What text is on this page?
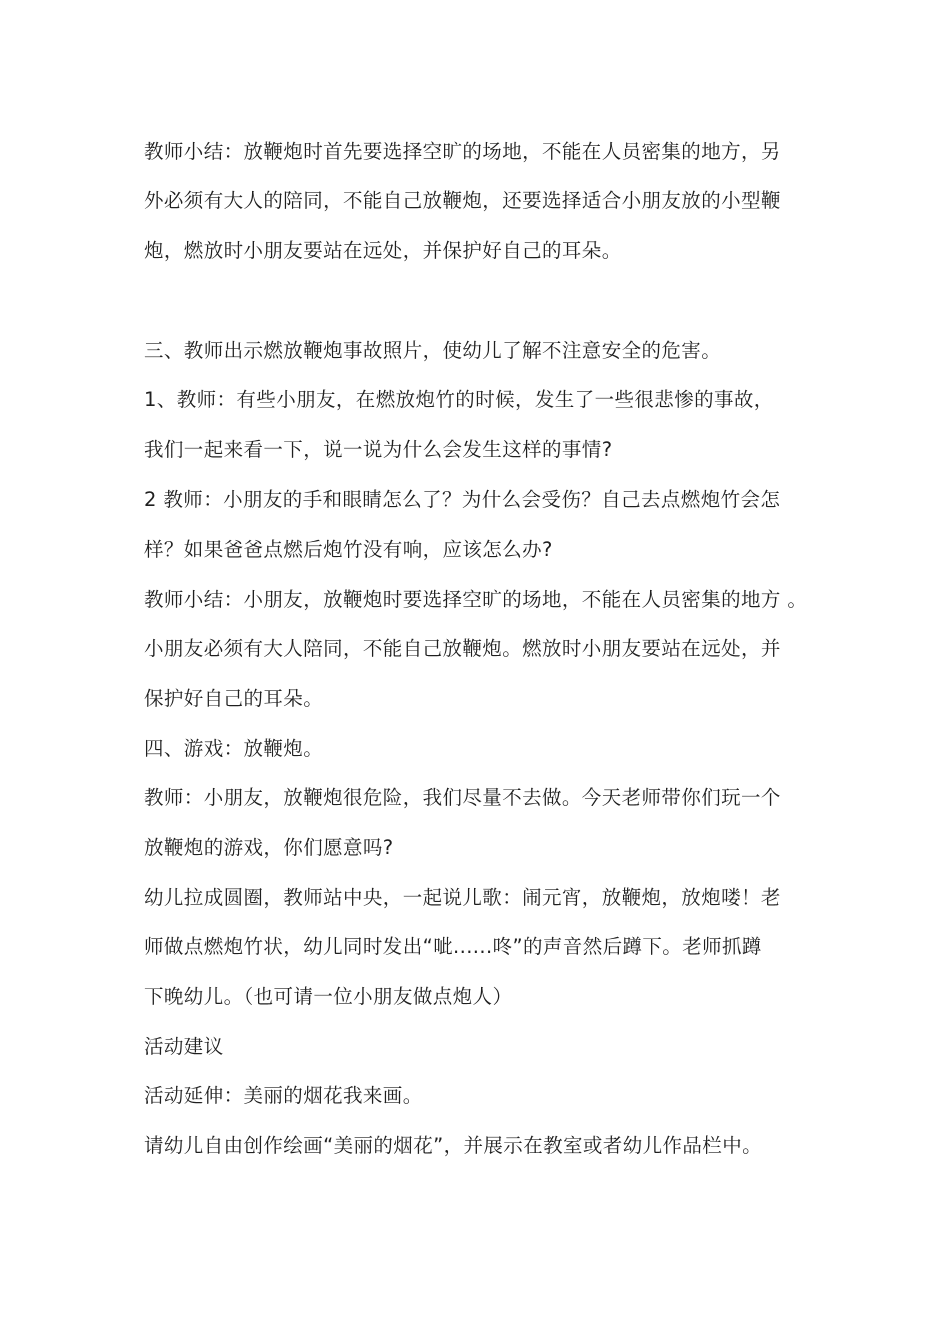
教师小结：放鞭炮时首先要选择空旷的场地，不能在人员密集的地方，另
外必须有大人的陪同，不能自己放鞭炮，还要选择适合小朋友放的小型鞭
炮，燃放时小朋友要站在远处，并保护好自己的耳朵。
三、教师出示燃放鞭炮事故照片，使幼儿了解不注意安全的危害。
1、教师：有些小朋友，在燃放炮竹的时候，发生了一些很悲惨的事故，
我们一起来看一下，说一说为什么会发生这样的事情?
2 教师：小朋友的手和眼睛怎么了？为什么会受伤？自己去点燃炮竹会怎
样？如果爸爸点燃后炮竹没有响，应该怎么办?
教师小结：小朋友，放鞭炮时要选择空旷的场地，不能在人员密集的地方 。
小朋友必须有大人陪同，不能自己放鞭炮。燃放时小朋友要站在远处，并
保护好自己的耳朵。
四、游戏：放鞭炮。
教师：小朋友，放鞭炮很危险，我们尽量不去做。今天老师带你们玩一个
放鞭炮的游戏，你们愿意吗?
幼儿拉成圆圈，教师站中央，一起说儿歌：闹元宵，放鞭炮，放炮喽！老
师做点燃炮竹状，幼儿同时发出“呲......咚”的声音然后蹲下。老师抓蹲
下晚幼儿。（也可请一位小朋友做点炮人）
活动建议
活动延伸：美丽的烟花我来画。
请幼儿自由创作绘画“美丽的烟花”，并展示在教室或者幼儿作品栏中。
